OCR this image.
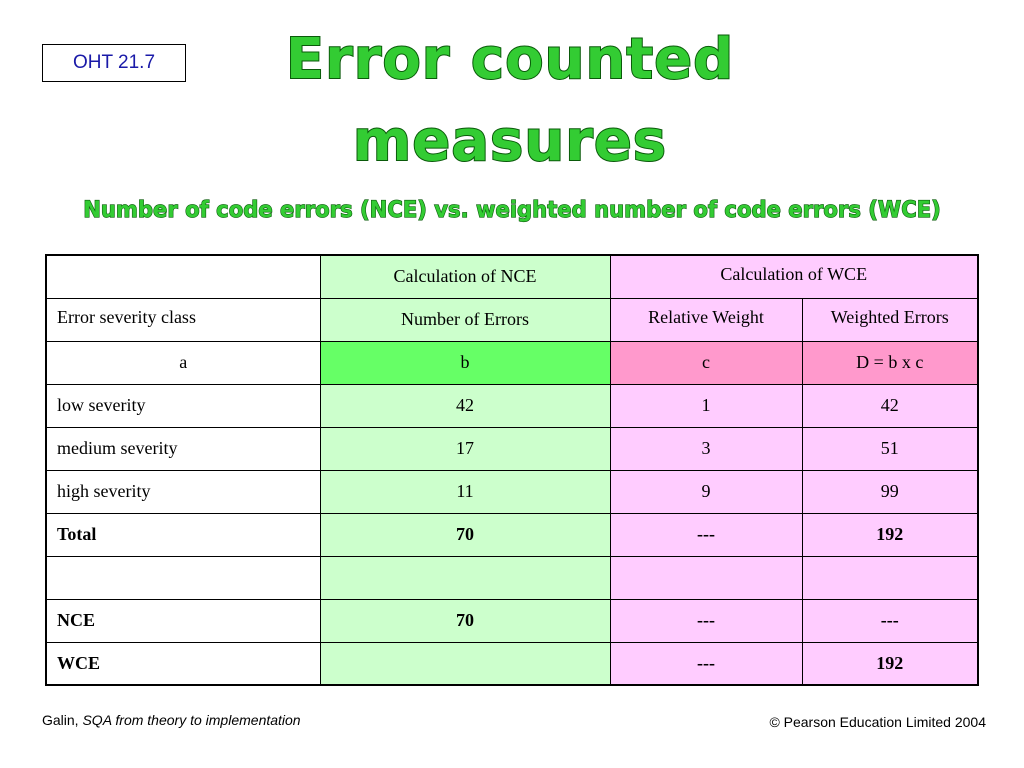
OHT 21.7	Error counted
measures
Number of code errors (NCE) vs. weighted number of code errors (WCE)
	Calculation of NCE	Calculation of WCE	
Error severity class	Number of Errors	Relative Weight	Weighted Errors
a	b	c	D = b x c
low severity	42	1	42
medium severity	17	3	51
high severity	11	9	99
Total	70	---	192

NCE	70	---	---
WCE		---	192
Galin, SQA from theory to implementation	© Pearson Education Limited 2004
